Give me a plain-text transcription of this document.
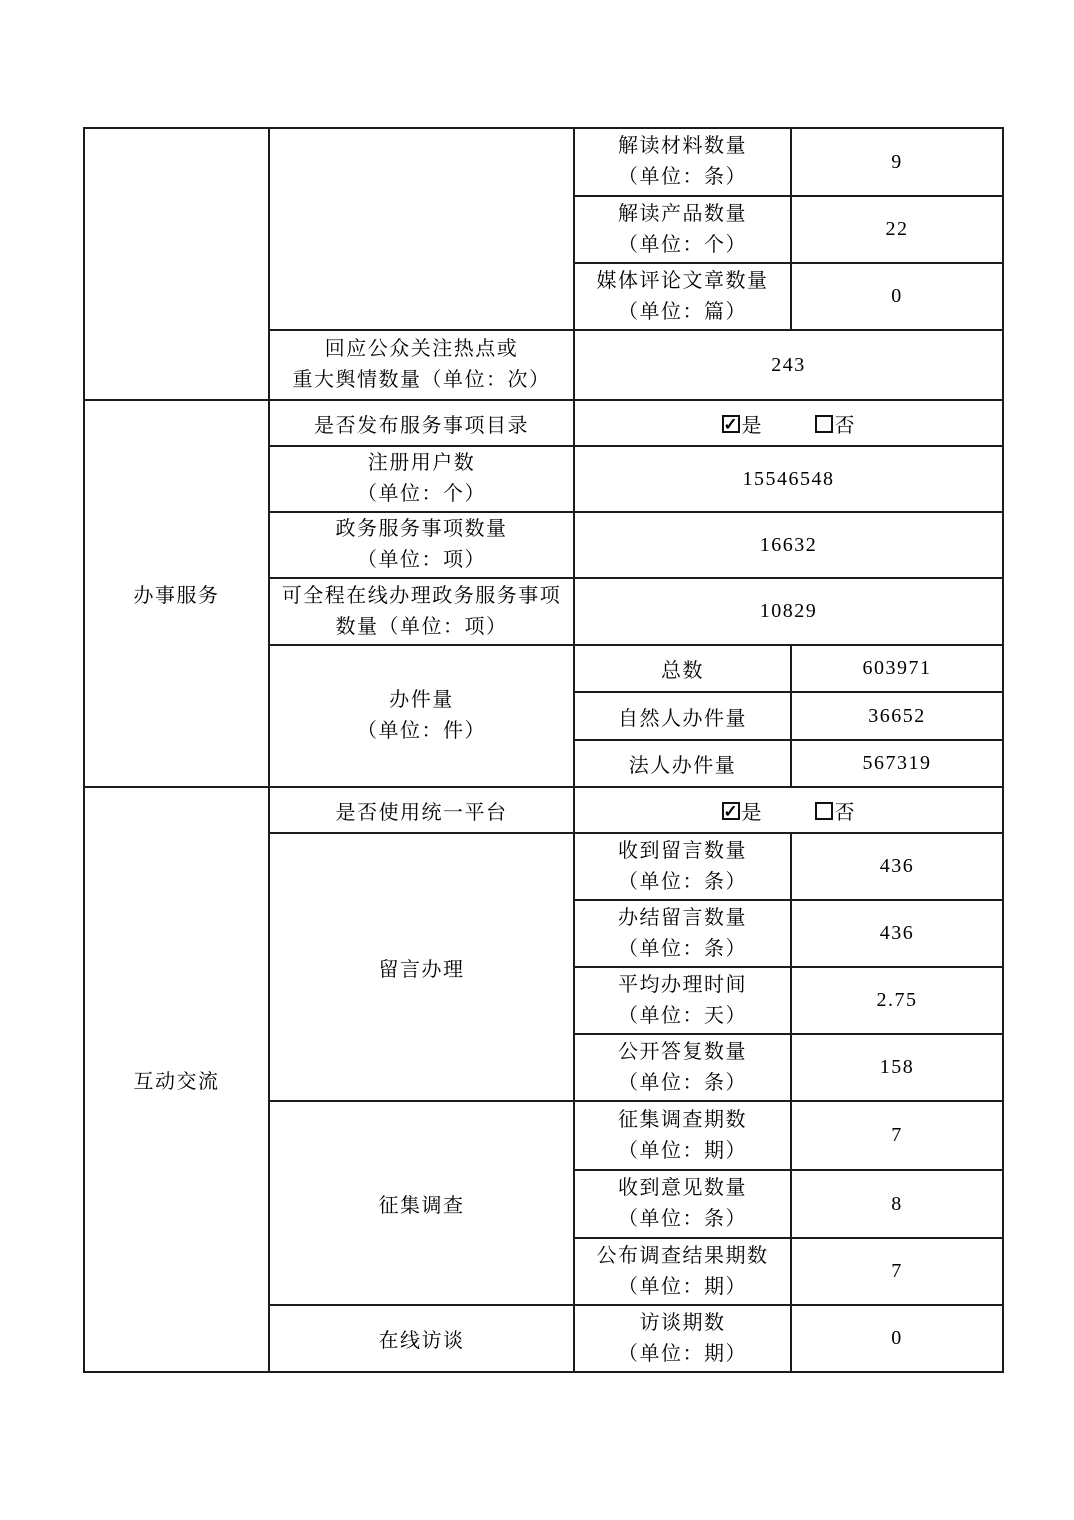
		解读材料数量
（单位：条）	9

		解读产品数量
（单位：个）	22

		媒体评论文章数量
（单位：篇）	0

	回应公众关注热点或
重大舆情数量（单位：次）	243	
办事服务	是否发布服务事项目录	✓ 是 否	

	注册用户数
（单位：个）	15546548	

	政务服务事项数量
（单位：项）	16632	

	可全程在线办理政务服务事项
数量（单位：项）	10829	

	办件量
（单位：件）	总数	603971
		自然人办件量	36652
		法人办件量	567319
互动交流	是否使用统一平台	✓ 是 否	

	留言办理	收到留言数量
（单位：条）	436

		办结留言数量
（单位：条）	436

		平均办理时间
（单位：天）	2.75

		公开答复数量
（单位：条）	158
	征集调查	征集调查期数
（单位：期）	7

		收到意见数量
（单位：条）	8

		公布调查结果期数
（单位：期）	7
	在线访谈	访谈期数
（单位：期）	0
